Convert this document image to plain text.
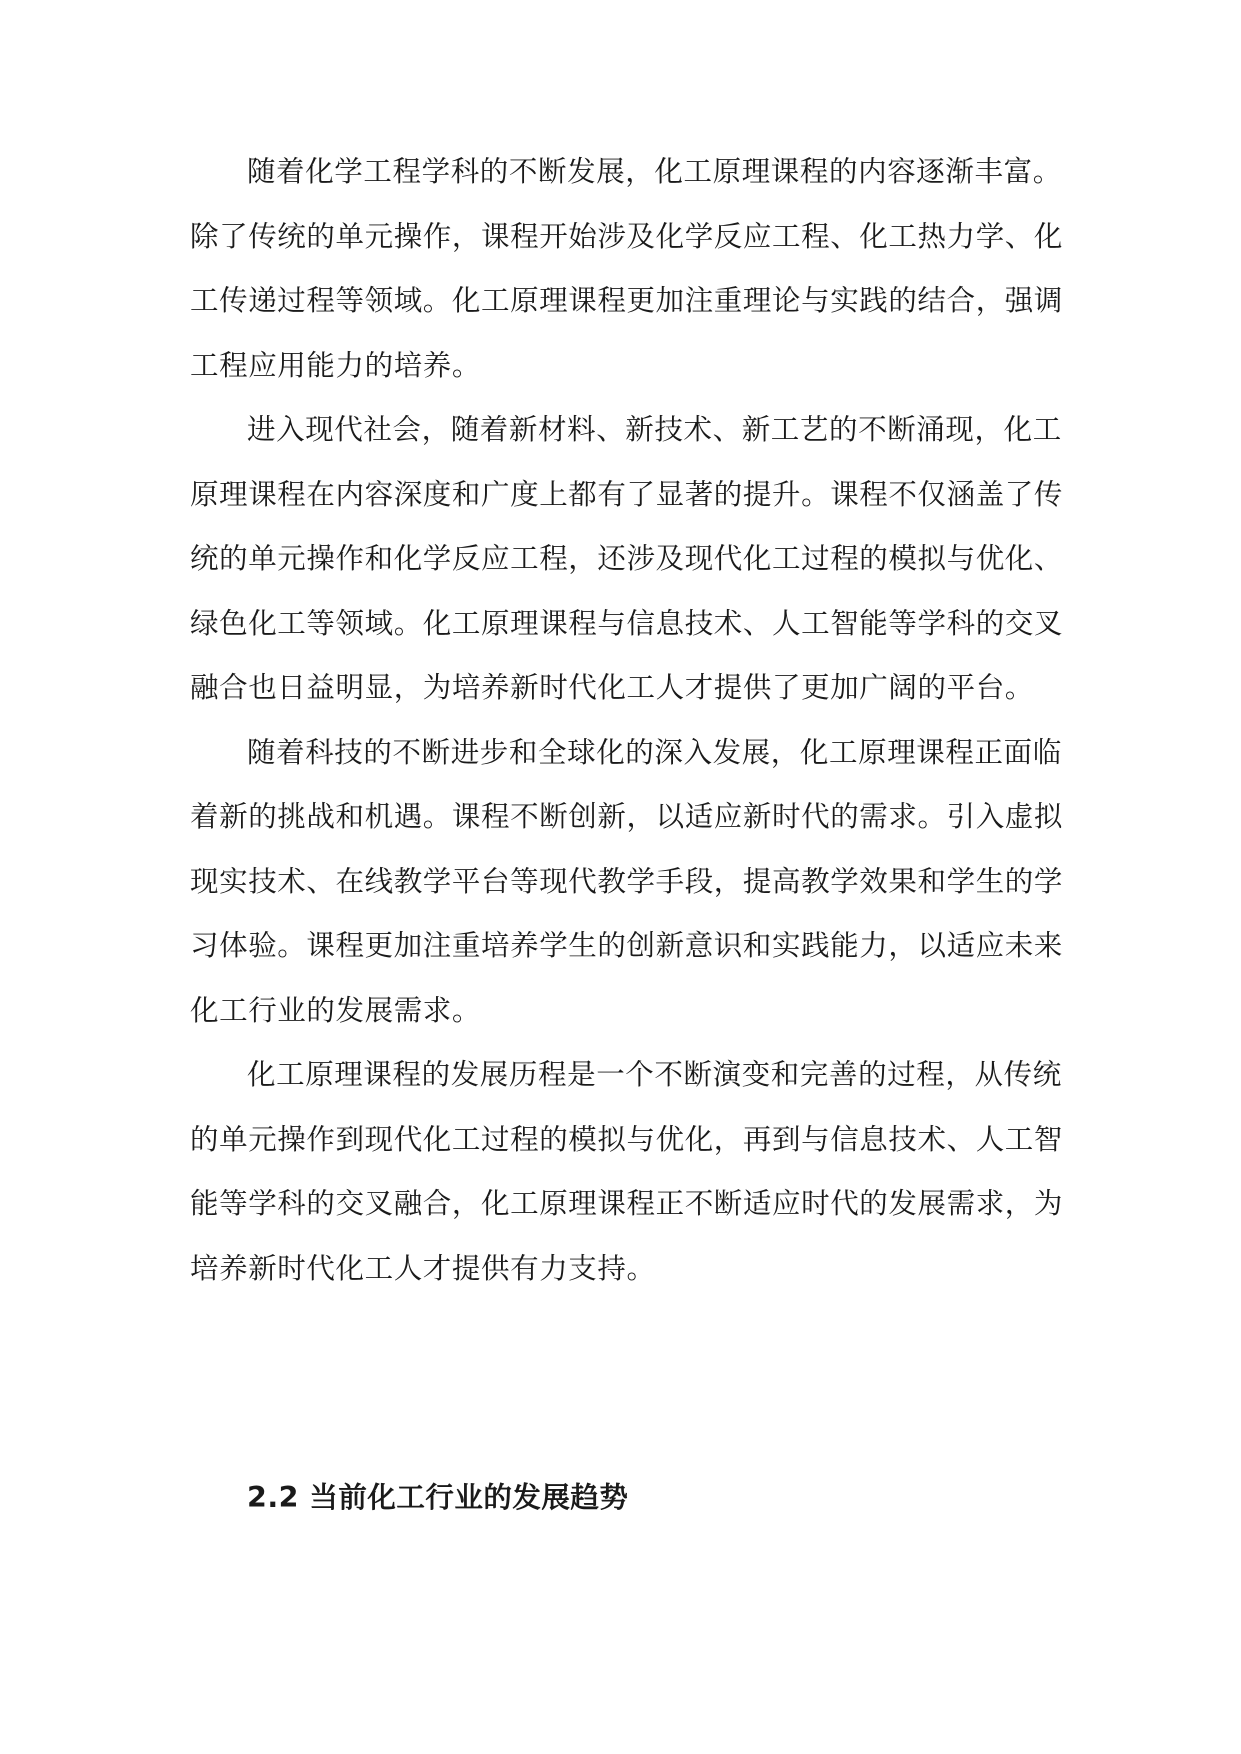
随着化学工程学科的不断发展，化工原理课程的内容逐渐丰富。
除了传统的单元操作，课程开始涉及化学反应工程、化工热力学、化
工传递过程等领域。化工原理课程更加注重理论与实践的结合，强调
工程应用能力的培养。

进入现代社会，随着新材料、新技术、新工艺的不断涌现，化工
原理课程在内容深度和广度上都有了显著的提升。课程不仅涵盖了传
统的单元操作和化学反应工程，还涉及现代化工过程的模拟与优化、
绿色化工等领域。化工原理课程与信息技术、人工智能等学科的交叉
融合也日益明显，为培养新时代化工人才提供了更加广阔的平台。

随着科技的不断进步和全球化的深入发展，化工原理课程正面临
着新的挑战和机遇。课程不断创新，以适应新时代的需求。引入虚拟
现实技术、在线教学平台等现代教学手段，提高教学效果和学生的学
习体验。课程更加注重培养学生的创新意识和实践能力，以适应未来
化工行业的发展需求。

化工原理课程的发展历程是一个不断演变和完善的过程，从传统
的单元操作到现代化工过程的模拟与优化，再到与信息技术、人工智
能等学科的交叉融合，化工原理课程正不断适应时代的发展需求，为
培养新时代化工人才提供有力支持。

2.2 当前化工行业的发展趋势
